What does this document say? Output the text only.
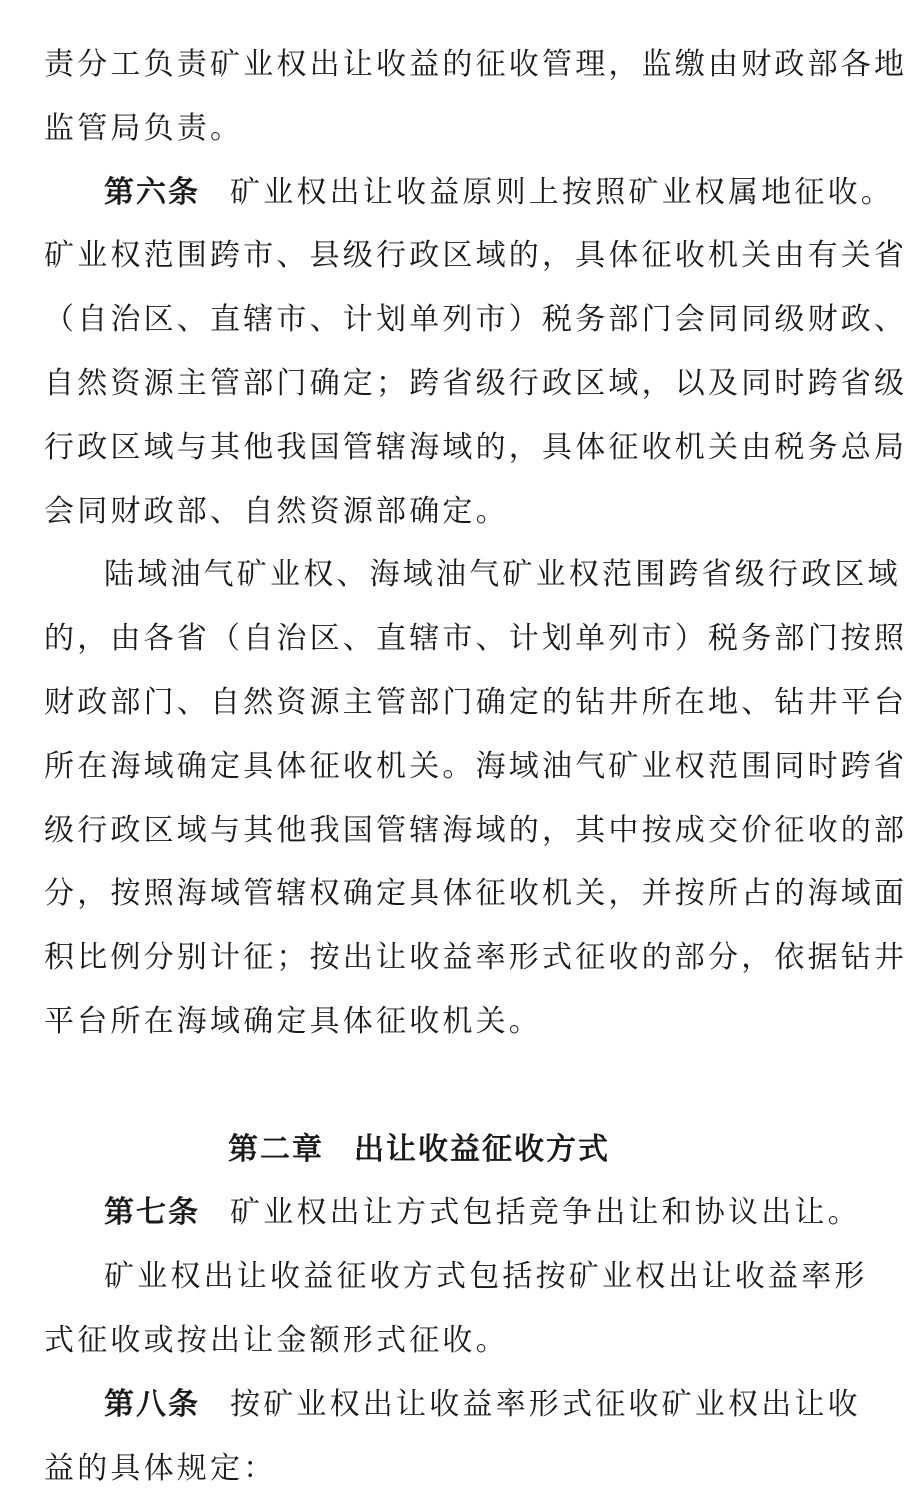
责分工负责矿业权出让收益的征收管理，监缴由财政部各地
监管局负责。
第六条 矿业权出让收益原则上按照矿业权属地征收。
矿业权范围跨市、县级行政区域的，具体征收机关由有关省
（自治区、直辖市、计划单列市）税务部门会同同级财政、
自然资源主管部门确定；跨省级行政区域，以及同时跨省级
行政区域与其他我国管辖海域的，具体征收机关由税务总局
会同财政部、自然资源部确定。
陆域油气矿业权、海域油气矿业权范围跨省级行政区域
的，由各省（自治区、直辖市、计划单列市）税务部门按照
财政部门、自然资源主管部门确定的钻井所在地、钻井平台
所在海域确定具体征收机关。海域油气矿业权范围同时跨省
级行政区域与其他我国管辖海域的，其中按成交价征收的部
分，按照海域管辖权确定具体征收机关，并按所占的海域面
积比例分别计征；按出让收益率形式征收的部分，依据钻井
平台所在海域确定具体征收机关。
第二章 出让收益征收方式
第七条 矿业权出让方式包括竞争出让和协议出让。
矿业权出让收益征收方式包括按矿业权出让收益率形
式征收或按出让金额形式征收。
第八条 按矿业权出让收益率形式征收矿业权出让收
益的具体规定：
